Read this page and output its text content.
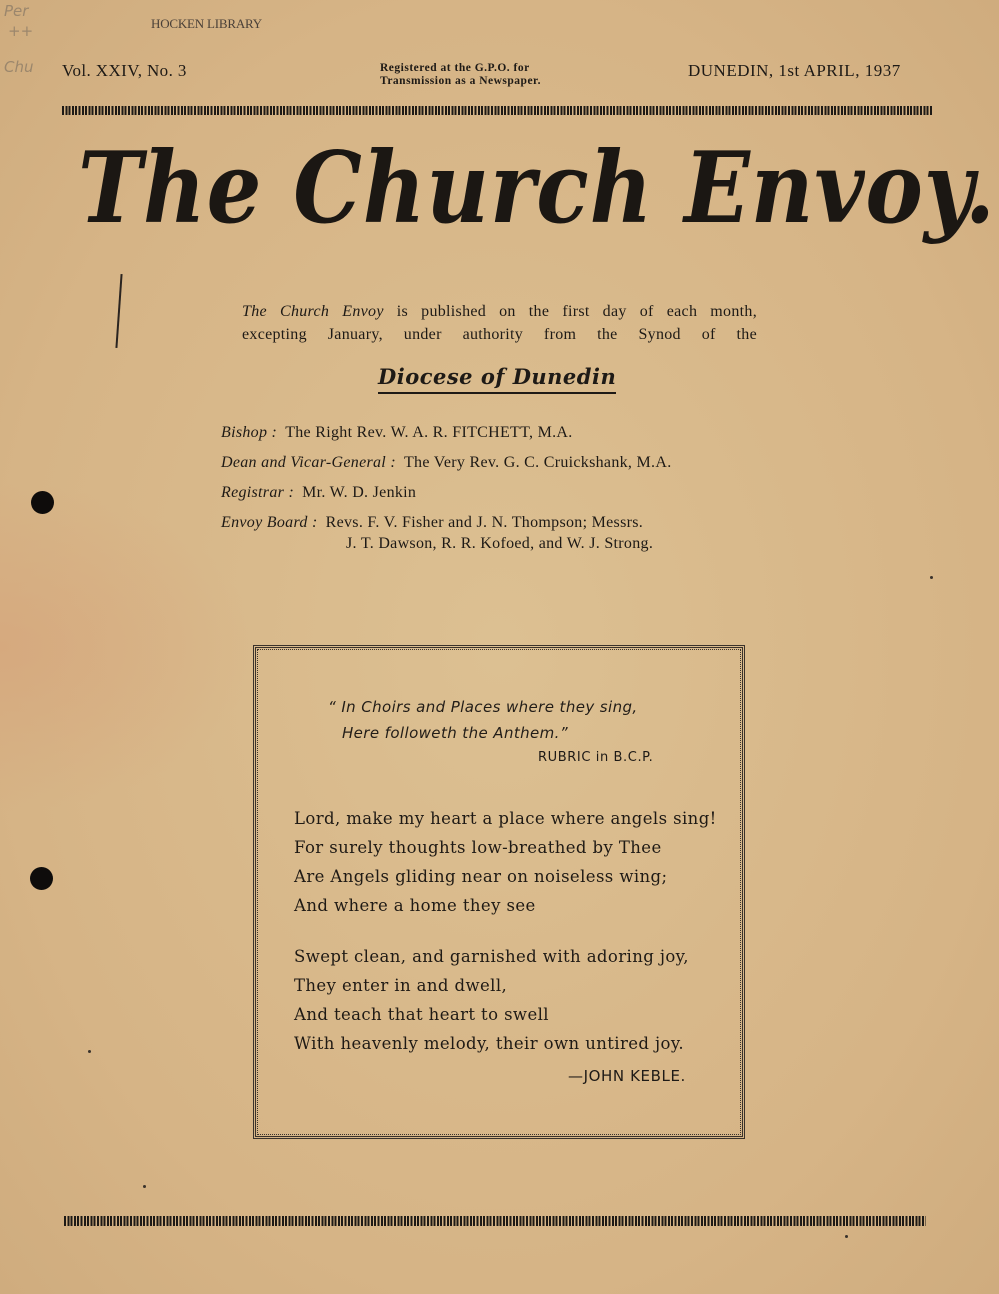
Per
++
Chu
HOCKEN LIBRARY
Vol. XXIV, No. 3	Registered at the G.P.O. for
Transmission as a Newspaper.
DUNEDIN, 1st APRIL, 1937
The Church Envoy.
The Church Envoy is published on the first day of each month,
excepting January, under authority from the Synod of the
Diocese of Dunedin
Bishop : The Right Rev. W. A. R. FITCHETT, M.A.
Dean and Vicar-General : The Very Rev. G. C. Cruickshank, M.A.
Registrar : Mr. W. D. Jenkin
Envoy Board : Revs. F. V. Fisher and J. N. Thompson; Messrs.
J. T. Dawson, R. R. Kofoed, and W. J. Strong.
“ In Choirs and Places where they sing,
Here followeth the Anthem.”
RUBRIC in B.C.P.
Lord, make my heart a place where angels sing!
For surely thoughts low-breathed by Thee
Are Angels gliding near on noiseless wing;
And where a home they see
Swept clean, and garnished with adoring joy,
They enter in and dwell,
And teach that heart to swell
With heavenly melody, their own untired joy.
—JOHN KEBLE.
